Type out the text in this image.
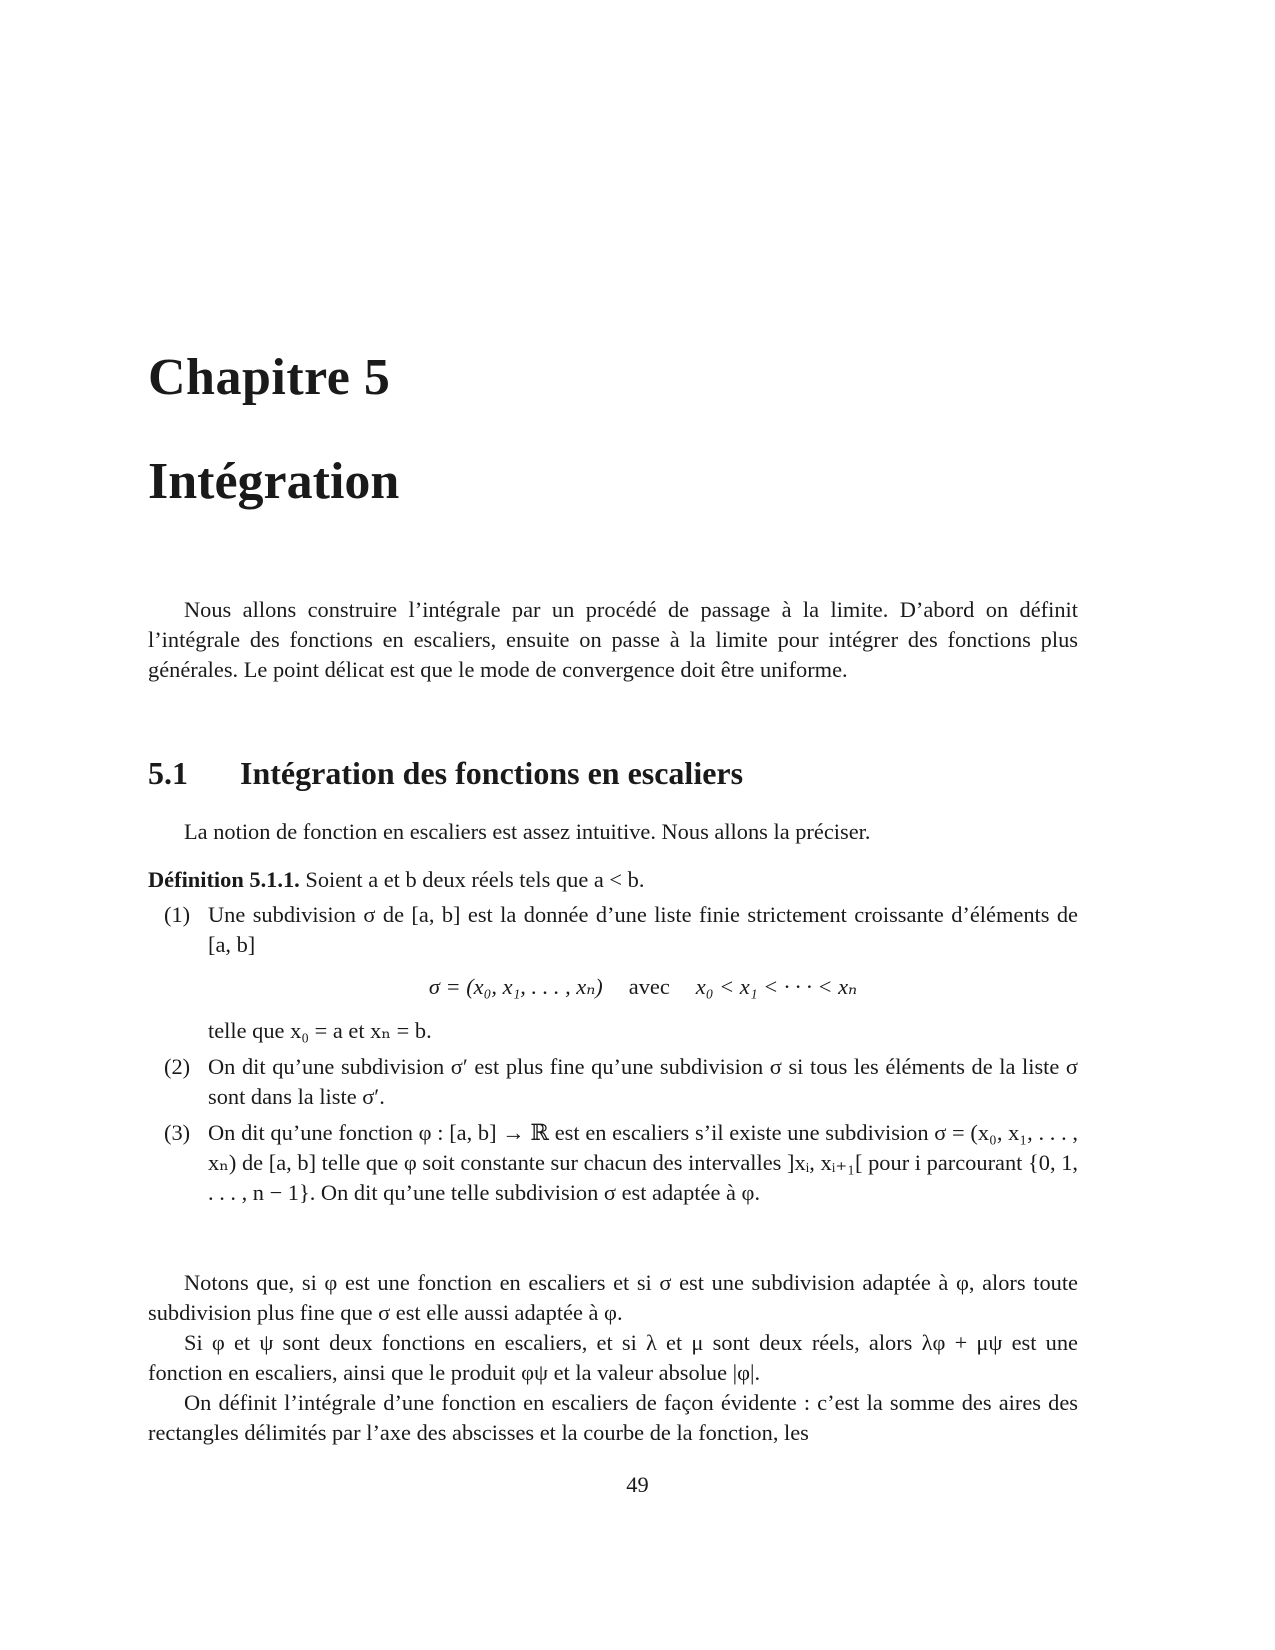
Chapitre 5
Intégration

Nous allons construire l’intégrale par un procédé de passage à la limite. D’abord on définit l’intégrale des fonctions en escaliers, ensuite on passe à la limite pour intégrer des fonctions plus générales. Le point délicat est que le mode de convergence doit être uniforme.

5.1 Intégration des fonctions en escaliers

La notion de fonction en escaliers est assez intuitive. Nous allons la préciser.

Définition 5.1.1. Soient a et b deux réels tels que a < b.

(1) Une subdivision σ de [a, b] est la donnée d’une liste finie strictement croissante d’éléments de [a, b]

σ = (x₀, x₁, . . . , xₙ) avec x₀ < x₁ < · · · < xₙ

telle que x₀ = a et xₙ = b.

(2) On dit qu’une subdivision σ′ est plus fine qu’une subdivision σ si tous les éléments de la liste σ sont dans la liste σ′.

(3) On dit qu’une fonction φ : [a, b] → ℝ est en escaliers s’il existe une subdivision σ = (x₀, x₁, . . . , xₙ) de [a, b] telle que φ soit constante sur chacun des intervalles ]xᵢ, xᵢ₊₁[ pour i parcourant {0, 1, . . . , n − 1}. On dit qu’une telle subdivision σ est adaptée à φ.

Notons que, si φ est une fonction en escaliers et si σ est une subdivision adaptée à φ, alors toute subdivision plus fine que σ est elle aussi adaptée à φ.

Si φ et ψ sont deux fonctions en escaliers, et si λ et μ sont deux réels, alors λφ + μψ est une fonction en escaliers, ainsi que le produit φψ et la valeur absolue |φ|.

On définit l’intégrale d’une fonction en escaliers de façon évidente : c’est la somme des aires des rectangles délimités par l’axe des abscisses et la courbe de la fonction, les

49
